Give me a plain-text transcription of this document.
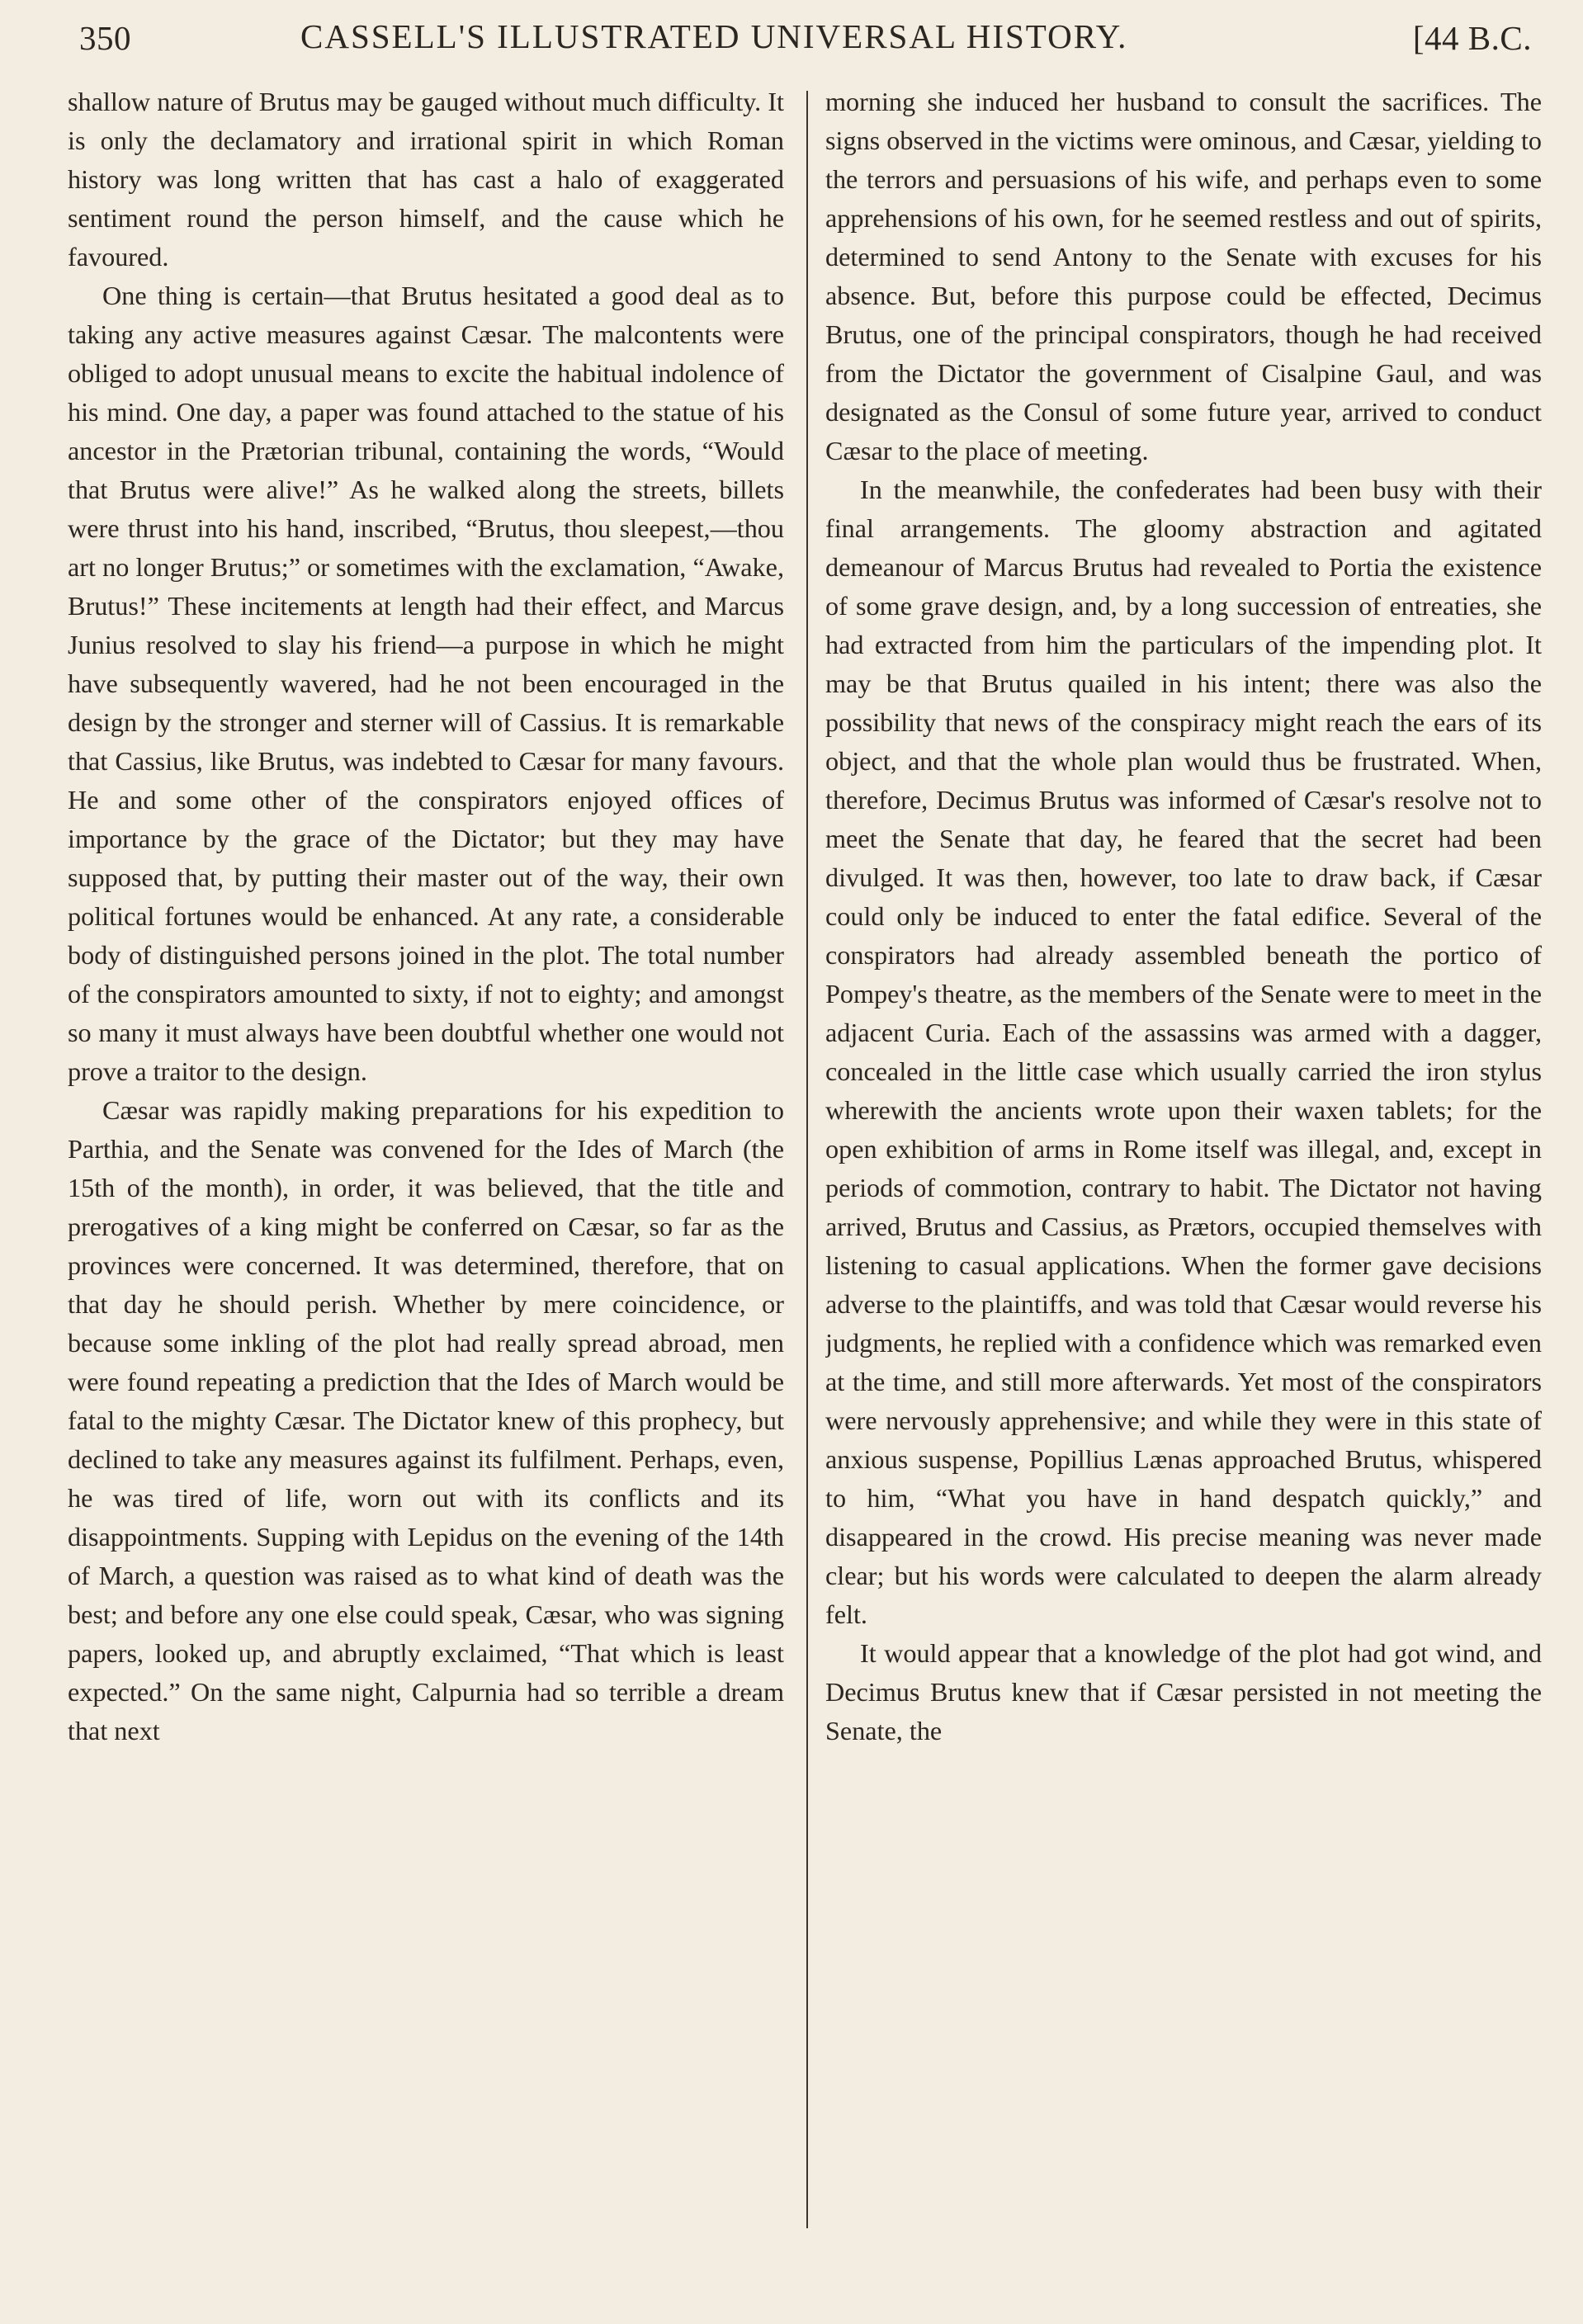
350	CASSELL'S ILLUSTRATED UNIVERSAL HISTORY.	[44 B.C.

shallow nature of Brutus may be gauged without much difficulty. It is only the declamatory and irrational spirit in which Roman history was long written that has cast a halo of exaggerated sentiment round the person himself, and the cause which he favoured.

One thing is certain—that Brutus hesitated a good deal as to taking any active measures against Cæsar. The malcontents were obliged to adopt unusual means to excite the habitual indolence of his mind. One day, a paper was found attached to the statue of his ancestor in the Prætorian tribunal, containing the words, “Would that Brutus were alive!” As he walked along the streets, billets were thrust into his hand, inscribed, “Brutus, thou sleepest,—thou art no longer Brutus;” or sometimes with the exclamation, “Awake, Brutus!” These incitements at length had their effect, and Marcus Junius resolved to slay his friend—a purpose in which he might have subsequently wavered, had he not been encouraged in the design by the stronger and sterner will of Cassius. It is remarkable that Cassius, like Brutus, was indebted to Cæsar for many favours. He and some other of the conspirators enjoyed offices of importance by the grace of the Dictator; but they may have supposed that, by putting their master out of the way, their own political fortunes would be enhanced. At any rate, a considerable body of distinguished persons joined in the plot. The total number of the conspirators amounted to sixty, if not to eighty; and amongst so many it must always have been doubtful whether one would not prove a traitor to the design.

Cæsar was rapidly making preparations for his expedition to Parthia, and the Senate was convened for the Ides of March (the 15th of the month), in order, it was believed, that the title and prerogatives of a king might be conferred on Cæsar, so far as the provinces were concerned. It was determined, therefore, that on that day he should perish. Whether by mere coincidence, or because some inkling of the plot had really spread abroad, men were found repeating a prediction that the Ides of March would be fatal to the mighty Cæsar. The Dictator knew of this prophecy, but declined to take any measures against its fulfilment. Perhaps, even, he was tired of life, worn out with its conflicts and its disappointments. Supping with Lepidus on the evening of the 14th of March, a question was raised as to what kind of death was the best; and before any one else could speak, Cæsar, who was signing papers, looked up, and abruptly exclaimed, “That which is least expected.” On the same night, Calpurnia had so terrible a dream that next

morning she induced her husband to consult the sacrifices. The signs observed in the victims were ominous, and Cæsar, yielding to the terrors and persuasions of his wife, and perhaps even to some apprehensions of his own, for he seemed restless and out of spirits, determined to send Antony to the Senate with excuses for his absence. But, before this purpose could be effected, Decimus Brutus, one of the principal conspirators, though he had received from the Dictator the government of Cisalpine Gaul, and was designated as the Consul of some future year, arrived to conduct Cæsar to the place of meeting.

In the meanwhile, the confederates had been busy with their final arrangements. The gloomy abstraction and agitated demeanour of Marcus Brutus had revealed to Portia the existence of some grave design, and, by a long succession of entreaties, she had extracted from him the particulars of the impending plot. It may be that Brutus quailed in his intent; there was also the possibility that news of the conspiracy might reach the ears of its object, and that the whole plan would thus be frustrated. When, therefore, Decimus Brutus was informed of Cæsar's resolve not to meet the Senate that day, he feared that the secret had been divulged. It was then, however, too late to draw back, if Cæsar could only be induced to enter the fatal edifice. Several of the conspirators had already assembled beneath the portico of Pompey's theatre, as the members of the Senate were to meet in the adjacent Curia. Each of the assassins was armed with a dagger, concealed in the little case which usually carried the iron stylus wherewith the ancients wrote upon their waxen tablets; for the open exhibition of arms in Rome itself was illegal, and, except in periods of commotion, contrary to habit. The Dictator not having arrived, Brutus and Cassius, as Prætors, occupied themselves with listening to casual applications. When the former gave decisions adverse to the plaintiffs, and was told that Cæsar would reverse his judgments, he replied with a confidence which was remarked even at the time, and still more afterwards. Yet most of the conspirators were nervously apprehensive; and while they were in this state of anxious suspense, Popillius Lænas approached Brutus, whispered to him, “What you have in hand despatch quickly,” and disappeared in the crowd. His precise meaning was never made clear; but his words were calculated to deepen the alarm already felt.

It would appear that a knowledge of the plot had got wind, and Decimus Brutus knew that if Cæsar persisted in not meeting the Senate, the
